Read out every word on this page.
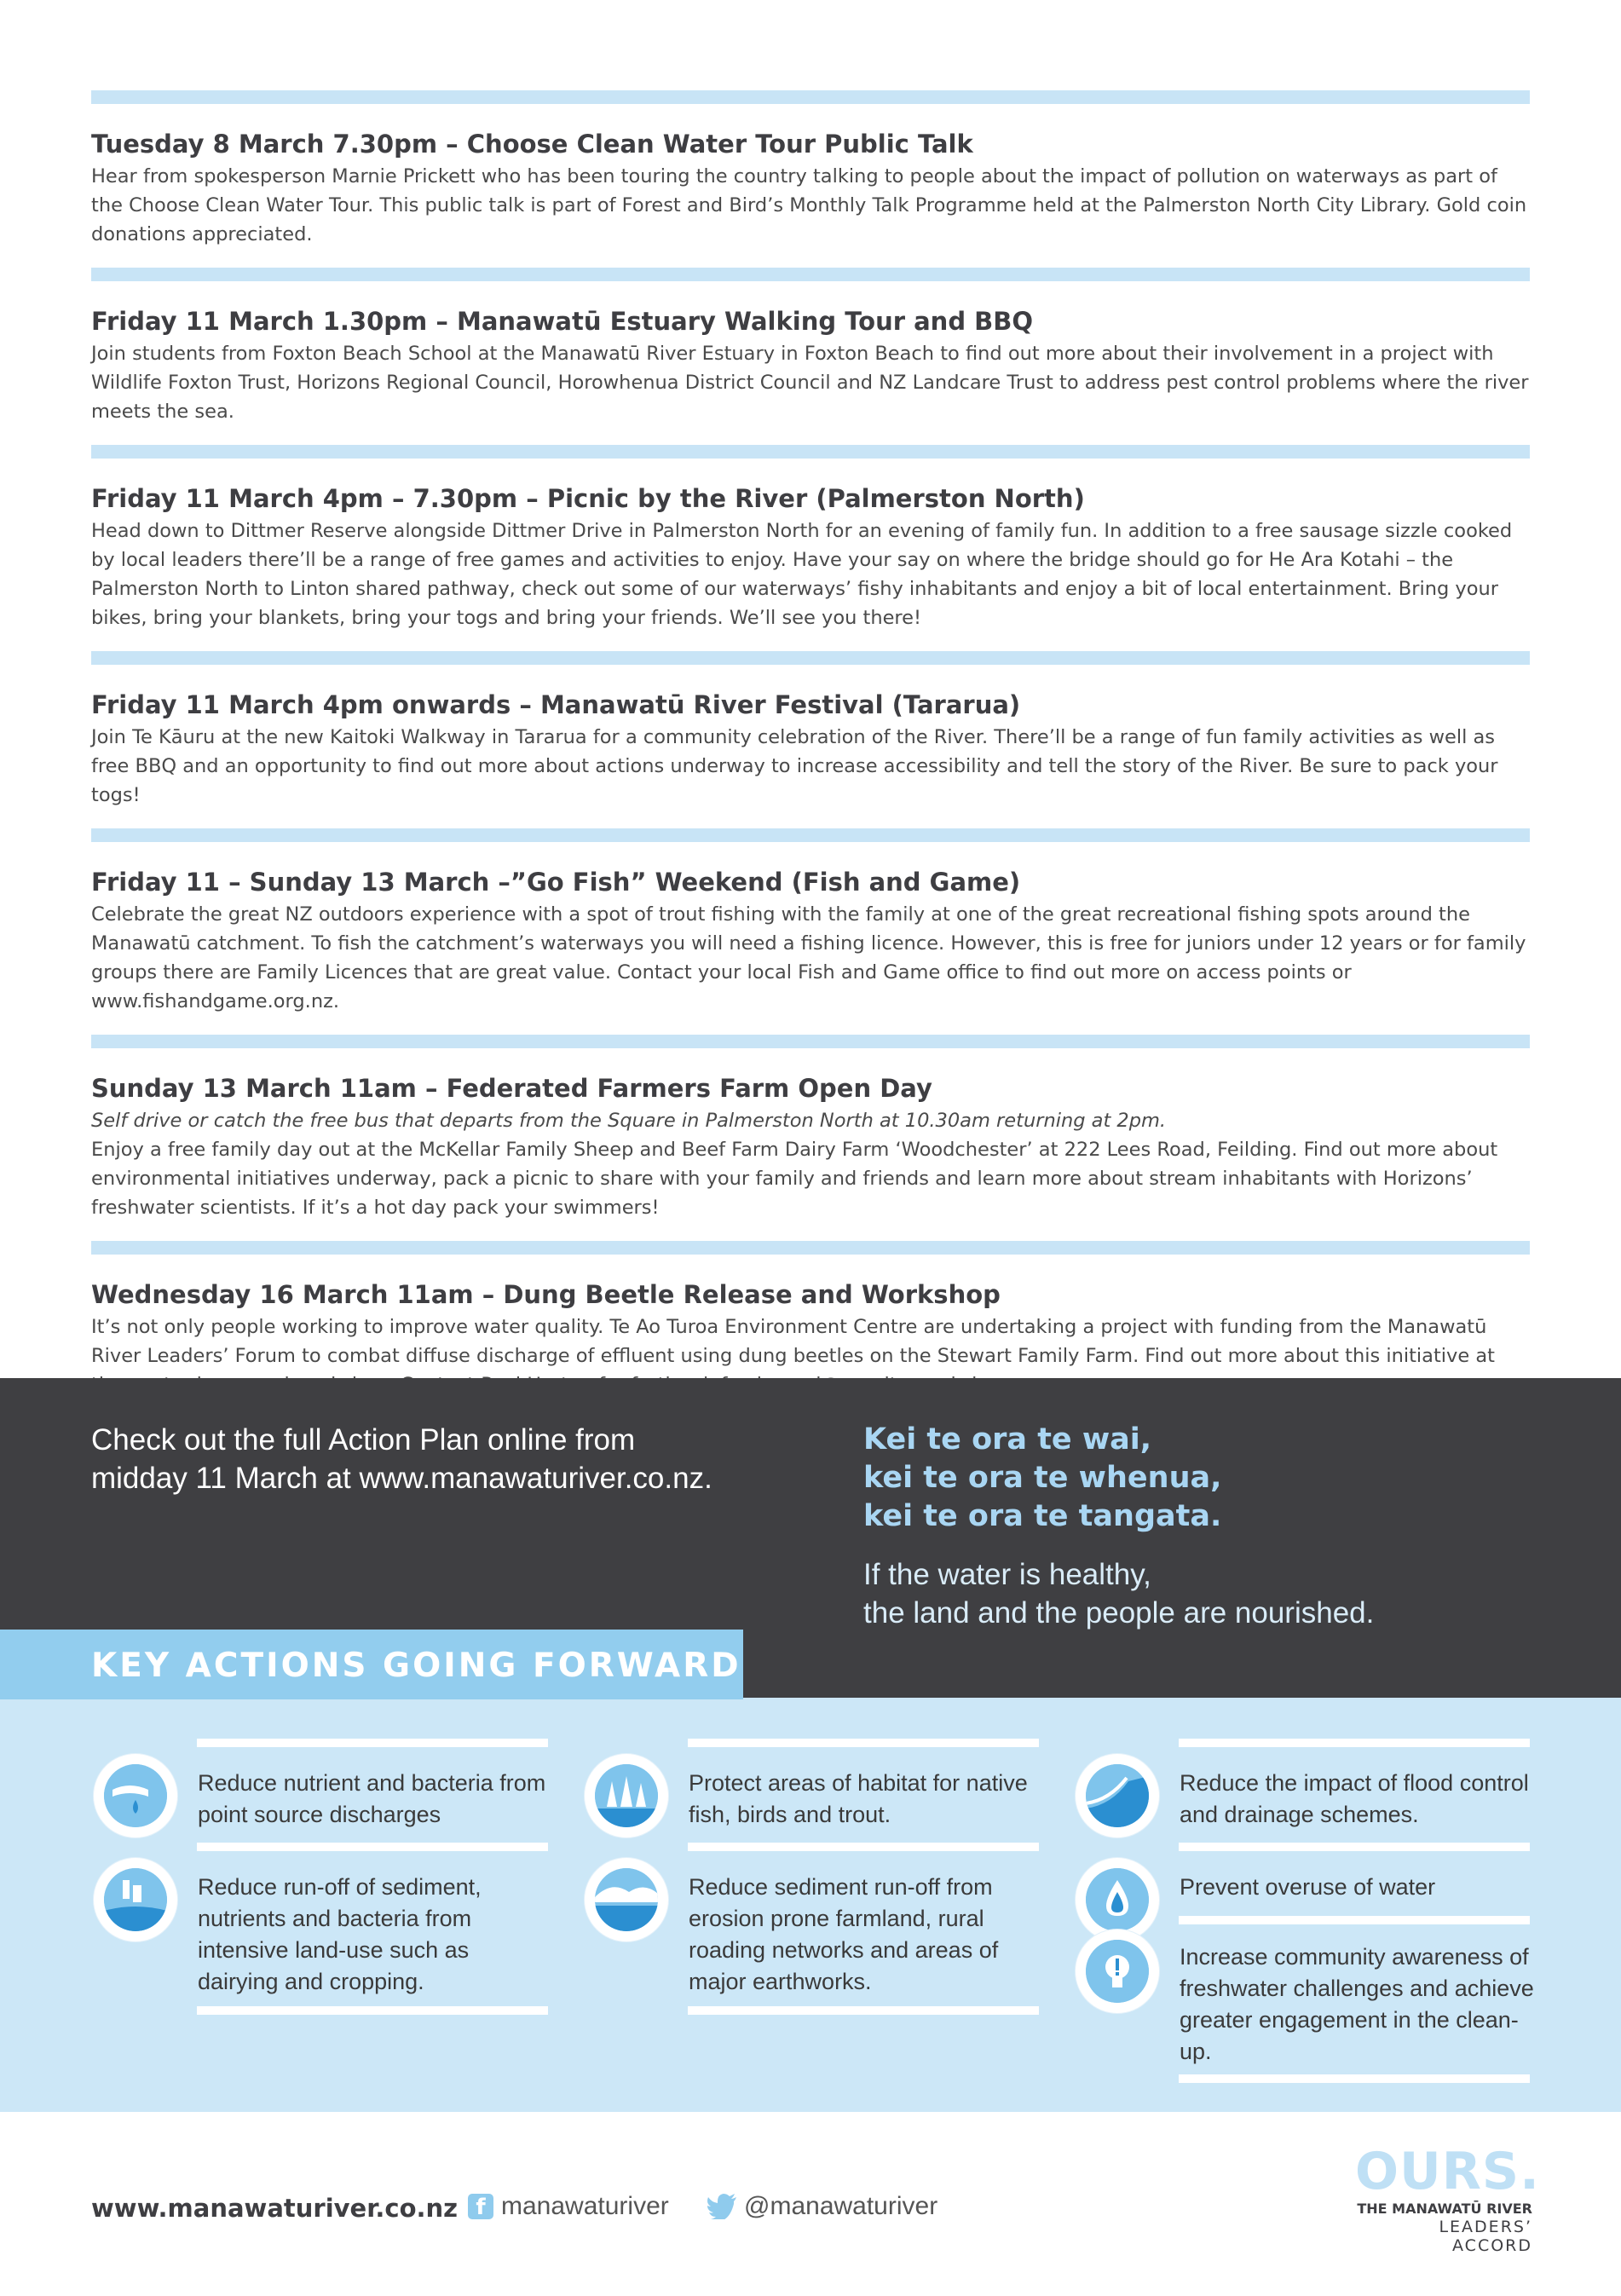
Tuesday 8 March 7.30pm – Choose Clean Water Tour Public Talk

Hear from spokesperson Marnie Prickett who has been touring the country talking to people about the impact of pollution on waterways as part of the Choose Clean Water Tour. This public talk is part of Forest and Bird’s Monthly Talk Programme held at the Palmerston North City Library. Gold coin donations appreciated.

Friday 11 March 1.30pm – Manawatū Estuary Walking Tour and BBQ

Join students from Foxton Beach School at the Manawatū River Estuary in Foxton Beach to find out more about their involvement in a project with Wildlife Foxton Trust, Horizons Regional Council, Horowhenua District Council and NZ Landcare Trust to address pest control problems where the river meets the sea.

Friday 11 March 4pm – 7.30pm – Picnic by the River (Palmerston North)

Head down to Dittmer Reserve alongside Dittmer Drive in Palmerston North for an evening of family fun. In addition to a free sausage sizzle cooked by local leaders there’ll be a range of free games and activities to enjoy. Have your say on where the bridge should go for He Ara Kotahi – the Palmerston North to Linton shared pathway, check out some of our waterways’ fishy inhabitants and enjoy a bit of local entertainment. Bring your bikes, bring your blankets, bring your togs and bring your friends. We’ll see you there!

Friday 11 March 4pm onwards – Manawatū River Festival (Tararua)

Join Te Kāuru at the new Kaitoki Walkway in Tararua for a community celebration of the River. There’ll be a range of fun family activities as well as free BBQ and an opportunity to find out more about actions underway to increase accessibility and tell the story of the River. Be sure to pack your togs!

Friday 11 – Sunday 13 March –”Go Fish” Weekend (Fish and Game)

Celebrate the great NZ outdoors experience with a spot of trout fishing with the family at one of the great recreational fishing spots around the Manawatū catchment. To fish the catchment’s waterways you will need a fishing licence. However, this is free for juniors under 12 years or for family groups there are Family Licences that are great value. Contact your local Fish and Game office to find out more on access points or www.fishandgame.org.nz.

Sunday 13 March 11am – Federated Farmers Farm Open Day

Self drive or catch the free bus that departs from the Square in Palmerston North at 10.30am returning at 2pm.

Enjoy a free family day out at the McKellar Family Sheep and Beef Farm Dairy Farm ‘Woodchester’ at 222 Lees Road, Feilding. Find out more about environmental initiatives underway, pack a picnic to share with your family and friends and learn more about stream inhabitants with Horizons’ freshwater scientists. If it’s a hot day pack your swimmers!

Wednesday 16 March 11am – Dung Beetle Release and Workshop

It’s not only people working to improve water quality. Te Ao Turoa Environment Centre are undertaking a project with funding from the Manawatū River Leaders’ Forum to combat diffuse discharge of effluent using dung beetles on the Stewart Family Farm. Find out more about this initiative at

Check out the full Action Plan online from
midday 11 March at www.manawaturiver.co.nz.
Kei te ora te wai,
kei te ora te whenua,
kei te ora te tangata.
If the water is healthy,
the land and the people are nourished.
Reduce nutrient and bacteria from point source discharges
Reduce run-off of sediment, nutrients and bacteria from intensive land-use such as dairying and cropping.
Protect areas of habitat for native fish, birds and trout.
Reduce sediment run-off from erosion prone farmland, rural roading networks and areas of major earthworks.
Reduce the impact of flood control and drainage schemes.
Prevent overuse of water
Increase community awareness of freshwater challenges and achieve greater engagement in the clean-up.
KEY ACTIONS GOING FORWARD
www.manawaturiver.co.nz f manawaturiver	@manawaturiver
OURS.
THE MANAWATŪ RIVER
LEADERS’ ACCORD
